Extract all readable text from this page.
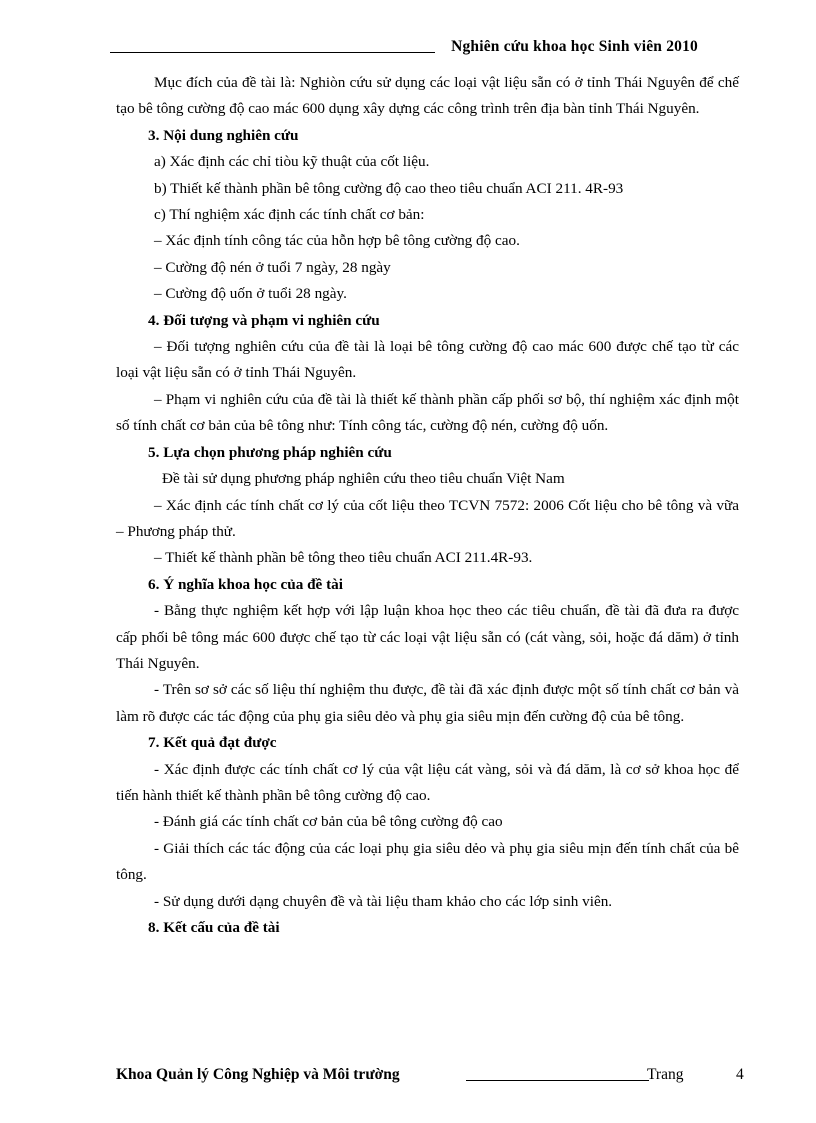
Nghiên cứu khoa học Sinh viên 2010

Mục đích của đề tài là: Nghiòn cứu sử dụng các loại vật liệu sẵn có ở tỉnh Thái Nguyên để chế tạo bê tông cường độ cao mác 600 dụng xây dựng các công trình trên địa bàn tỉnh Thái Nguyên.

3. Nội dung nghiên cứu

a) Xác định các chỉ tiòu kỹ thuật của cốt liệu.

b) Thiết kế thành phần bê tông cường độ cao theo tiêu chuẩn ACI 211. 4R-93

c) Thí nghiệm xác định các tính chất cơ bản:

– Xác định tính công tác của hỗn hợp bê tông cường độ cao.

– Cường độ nén ở tuổi 7 ngày, 28 ngày

– Cường độ uốn ở tuổi 28 ngày.

4. Đối tượng và phạm vi nghiên cứu

– Đối tượng nghiên cứu của đề tài là loại bê tông cường độ cao mác 600 được chế tạo từ các loại vật liệu sẵn có ở tỉnh Thái Nguyên.

– Phạm vi nghiên cứu của đề tài là thiết kế thành phần cấp phối sơ bộ, thí nghiệm xác định một số tính chất cơ bản của bê tông như: Tính công tác, cường độ nén, cường độ uốn.

5. Lựa chọn phương pháp nghiên cứu

Đề tài sử dụng phương pháp nghiên cứu theo tiêu chuẩn Việt Nam

– Xác định các tính chất cơ lý của cốt liệu theo TCVN 7572: 2006 Cốt liệu cho bê tông và vữa – Phương pháp thử.

– Thiết kế thành phần bê tông theo tiêu chuẩn ACI 211.4R-93.

6. Ý nghĩa khoa học của đề tài

- Bằng thực nghiệm kết hợp với lập luận khoa học theo các tiêu chuẩn, đề tài đã đưa ra được cấp phối bê tông mác 600 được chế tạo từ các loại vật liệu sẵn có (cát vàng, sỏi, hoặc đá dăm) ở tỉnh Thái Nguyên.

- Trên sơ sở các số liệu thí nghiệm thu được, đề tài đã xác định được một số tính chất cơ bản và làm rõ được các tác động của phụ gia siêu dẻo và phụ gia siêu mịn đến cường độ của bê tông.

7. Kết quả đạt được

- Xác định được các tính chất cơ lý của vật liệu cát vàng, sỏi và đá dăm, là cơ sở khoa học để tiến hành thiết kế thành phần bê tông cường độ cao.

- Đánh giá các tính chất cơ bản của bê tông cường độ cao

- Giải thích các tác động của các loại phụ gia siêu dẻo và phụ gia siêu mịn đến tính chất của bê tông.

- Sử dụng dưới dạng chuyên đề và tài liệu tham khảo cho các lớp sinh viên.

8. Kết cấu của đề tài

Khoa Quản lý Công Nghiệp và Môi trường	Trang	4
